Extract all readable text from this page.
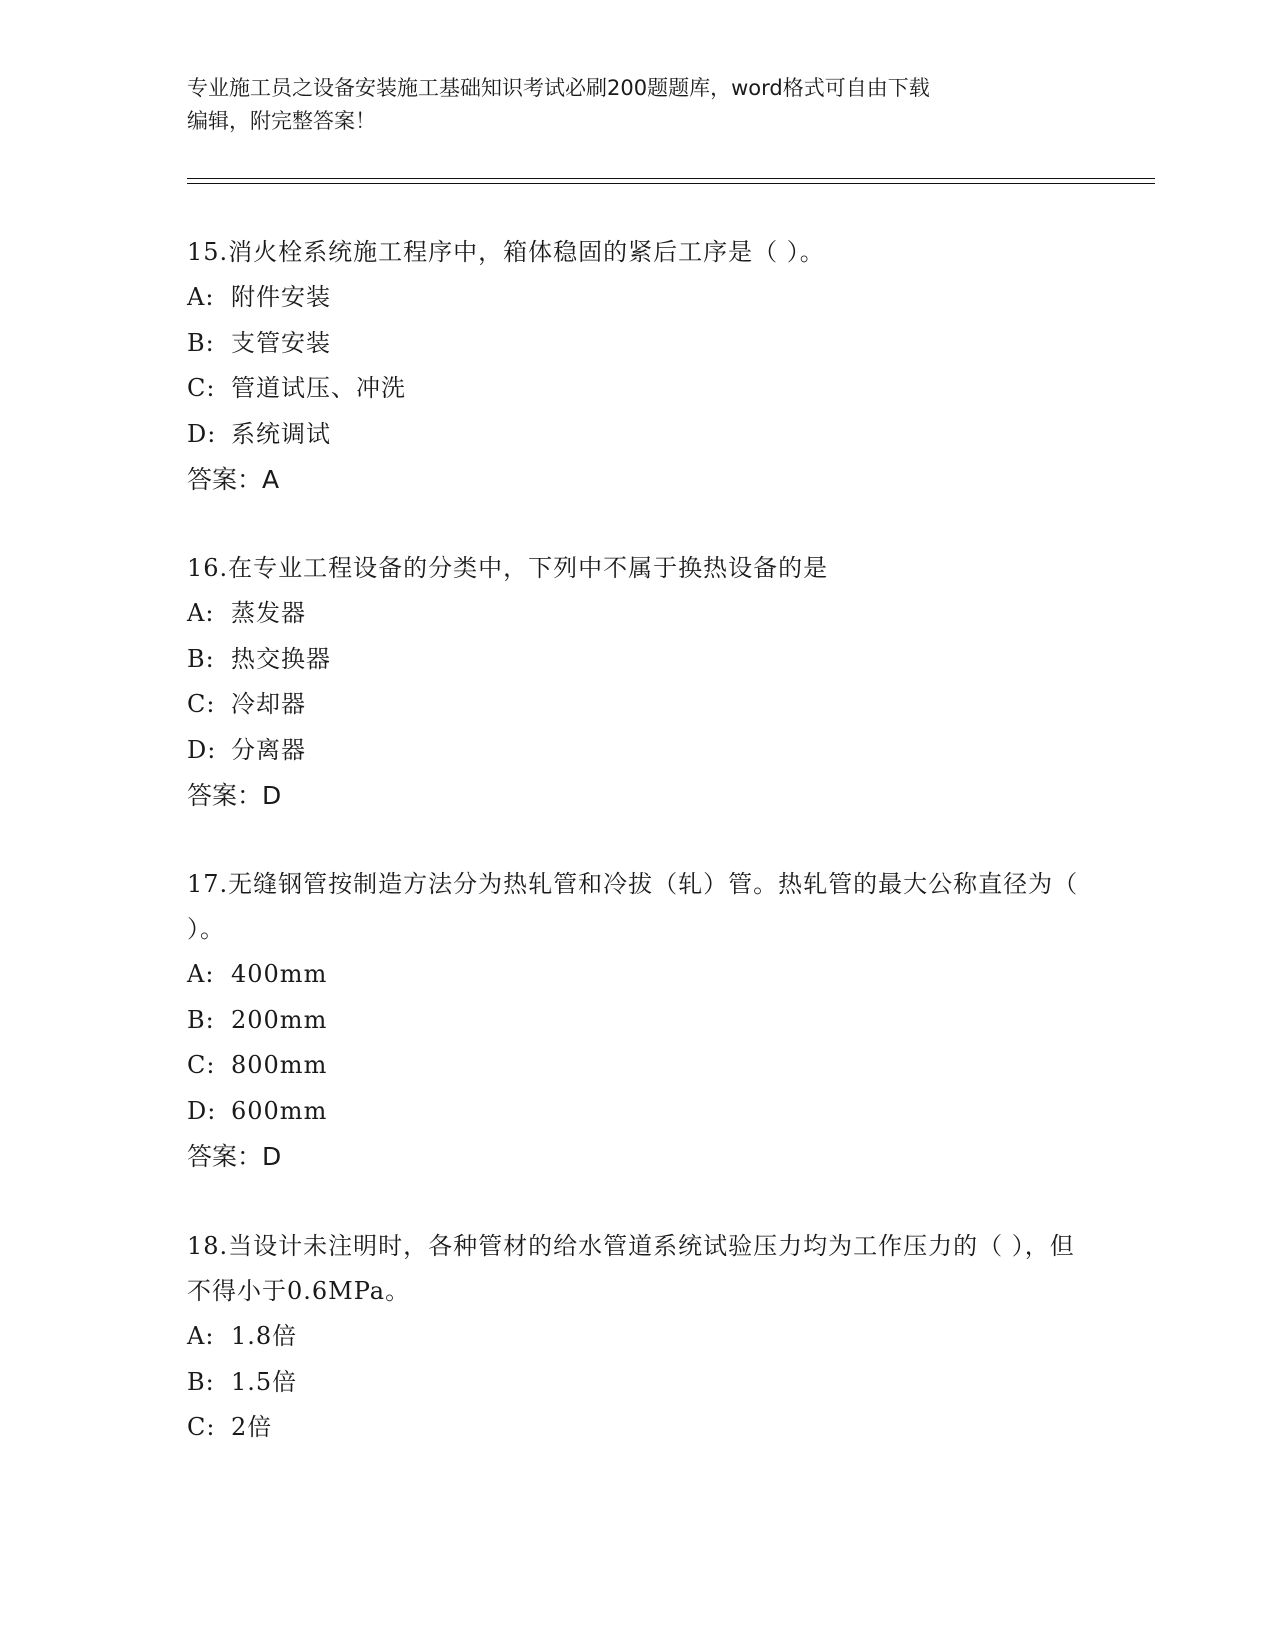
专业施工员之设备安装施工基础知识考试必刷200题题库，word格式可自由下载
编辑，附完整答案！

15.消火栓系统施工程序中，箱体稳固的紧后工序是（ ）。

A: 附件安装

B: 支管安装

C: 管道试压、冲洗

D: 系统调试

答案：A

16.在专业工程设备的分类中，下列中不属于换热设备的是

A: 蒸发器

B: 热交换器

C: 冷却器

D: 分离器

答案：D

17.无缝钢管按制造方法分为热轧管和冷拔（轧）管。热轧管的最大公称直径为（ ）。

A: 400mm

B: 200mm

C: 800mm

D: 600mm

答案：D

18.当设计未注明时，各种管材的给水管道系统试验压力均为工作压力的（ ），但不得小于0.6MPa。

A: 1.8倍

B: 1.5倍

C: 2倍
